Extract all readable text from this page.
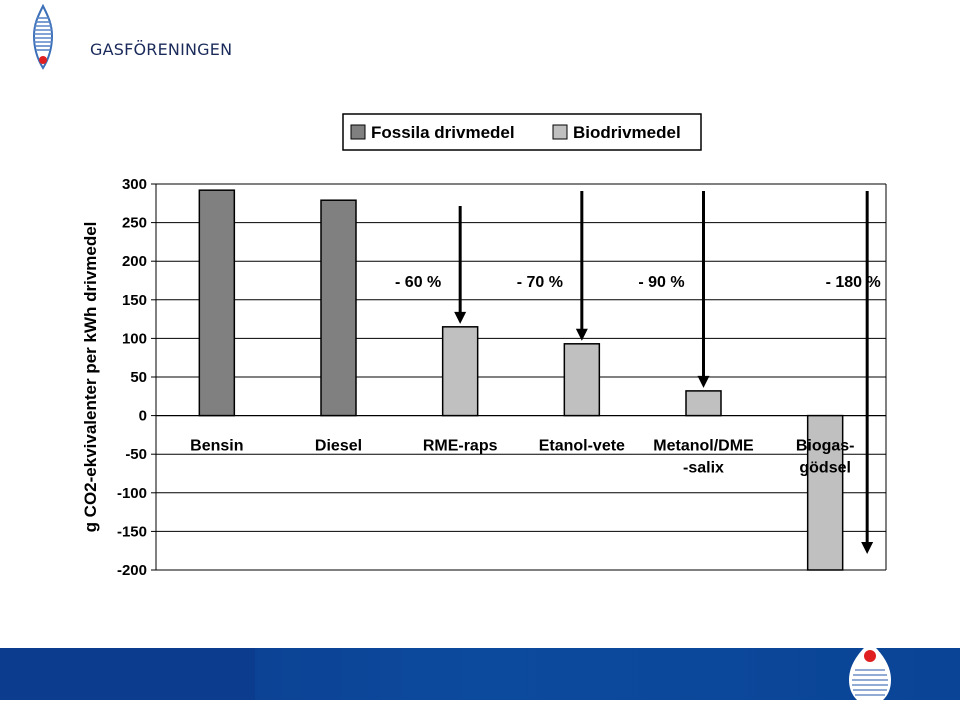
GASFÖRENINGEN
300
250
200
150
100
50
0
-50
-100
-150
-200
g CO2-ekvivalenter per kWh drivmedel
Fossila drivmedel	Biodrivmedel
Bensin	Diesel	RME-raps	Etanol-vete Metanol/DME
-salix
Biogas-
gödsel
- 60 %	- 70 %	- 90 %	- 180 %
